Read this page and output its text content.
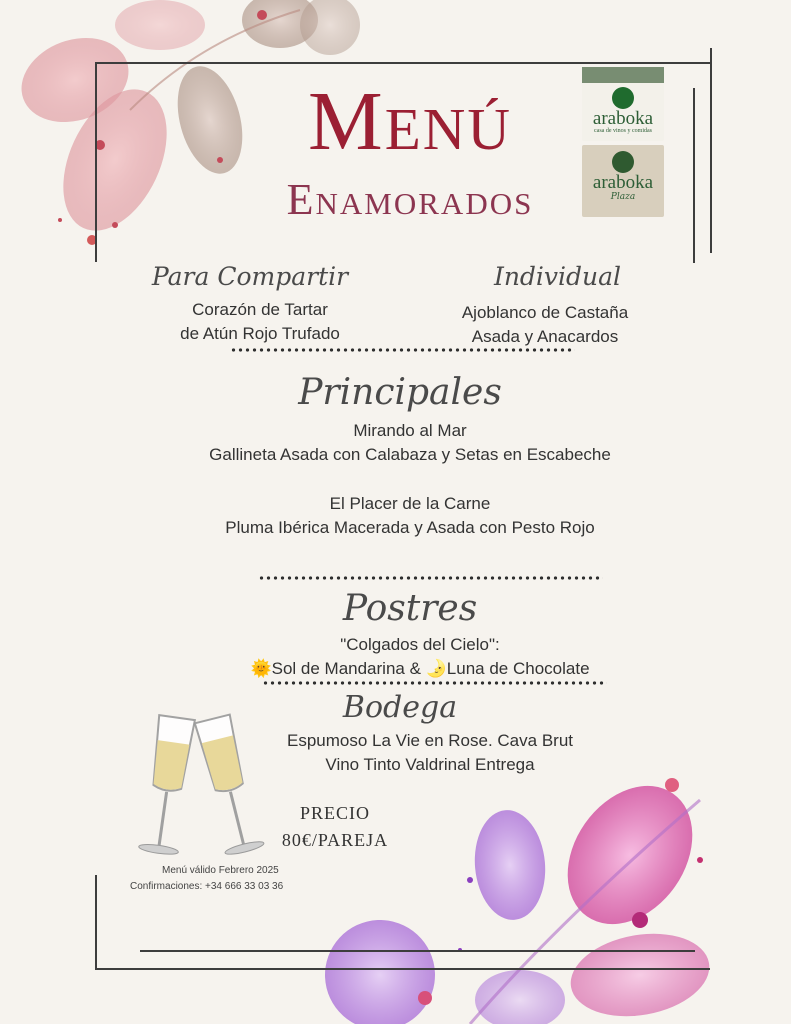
Menú
Enamorados
araboka
casa de vinos y comidas
araboka
Plaza
Para Compartir
Corazón de Tartar
de Atún Rojo Trufado
Individual
Ajoblanco de Castaña
Asada y Anacardos
Principales
Mirando al Mar
Gallineta Asada con Calabaza y Setas en Escabeche
El Placer de la Carne
Pluma Ibérica Macerada y Asada con Pesto Rojo
Postres
"Colgados del Cielo":
🌞Sol de Mandarina & 🌛Luna de Chocolate
Bodega
Espumoso La Vie en Rose. Cava Brut
Vino Tinto Valdrinal Entrega
PRECIO
80€/PAREJA
Menú válido Febrero 2025
Confirmaciones: +34 666 33 03 36
